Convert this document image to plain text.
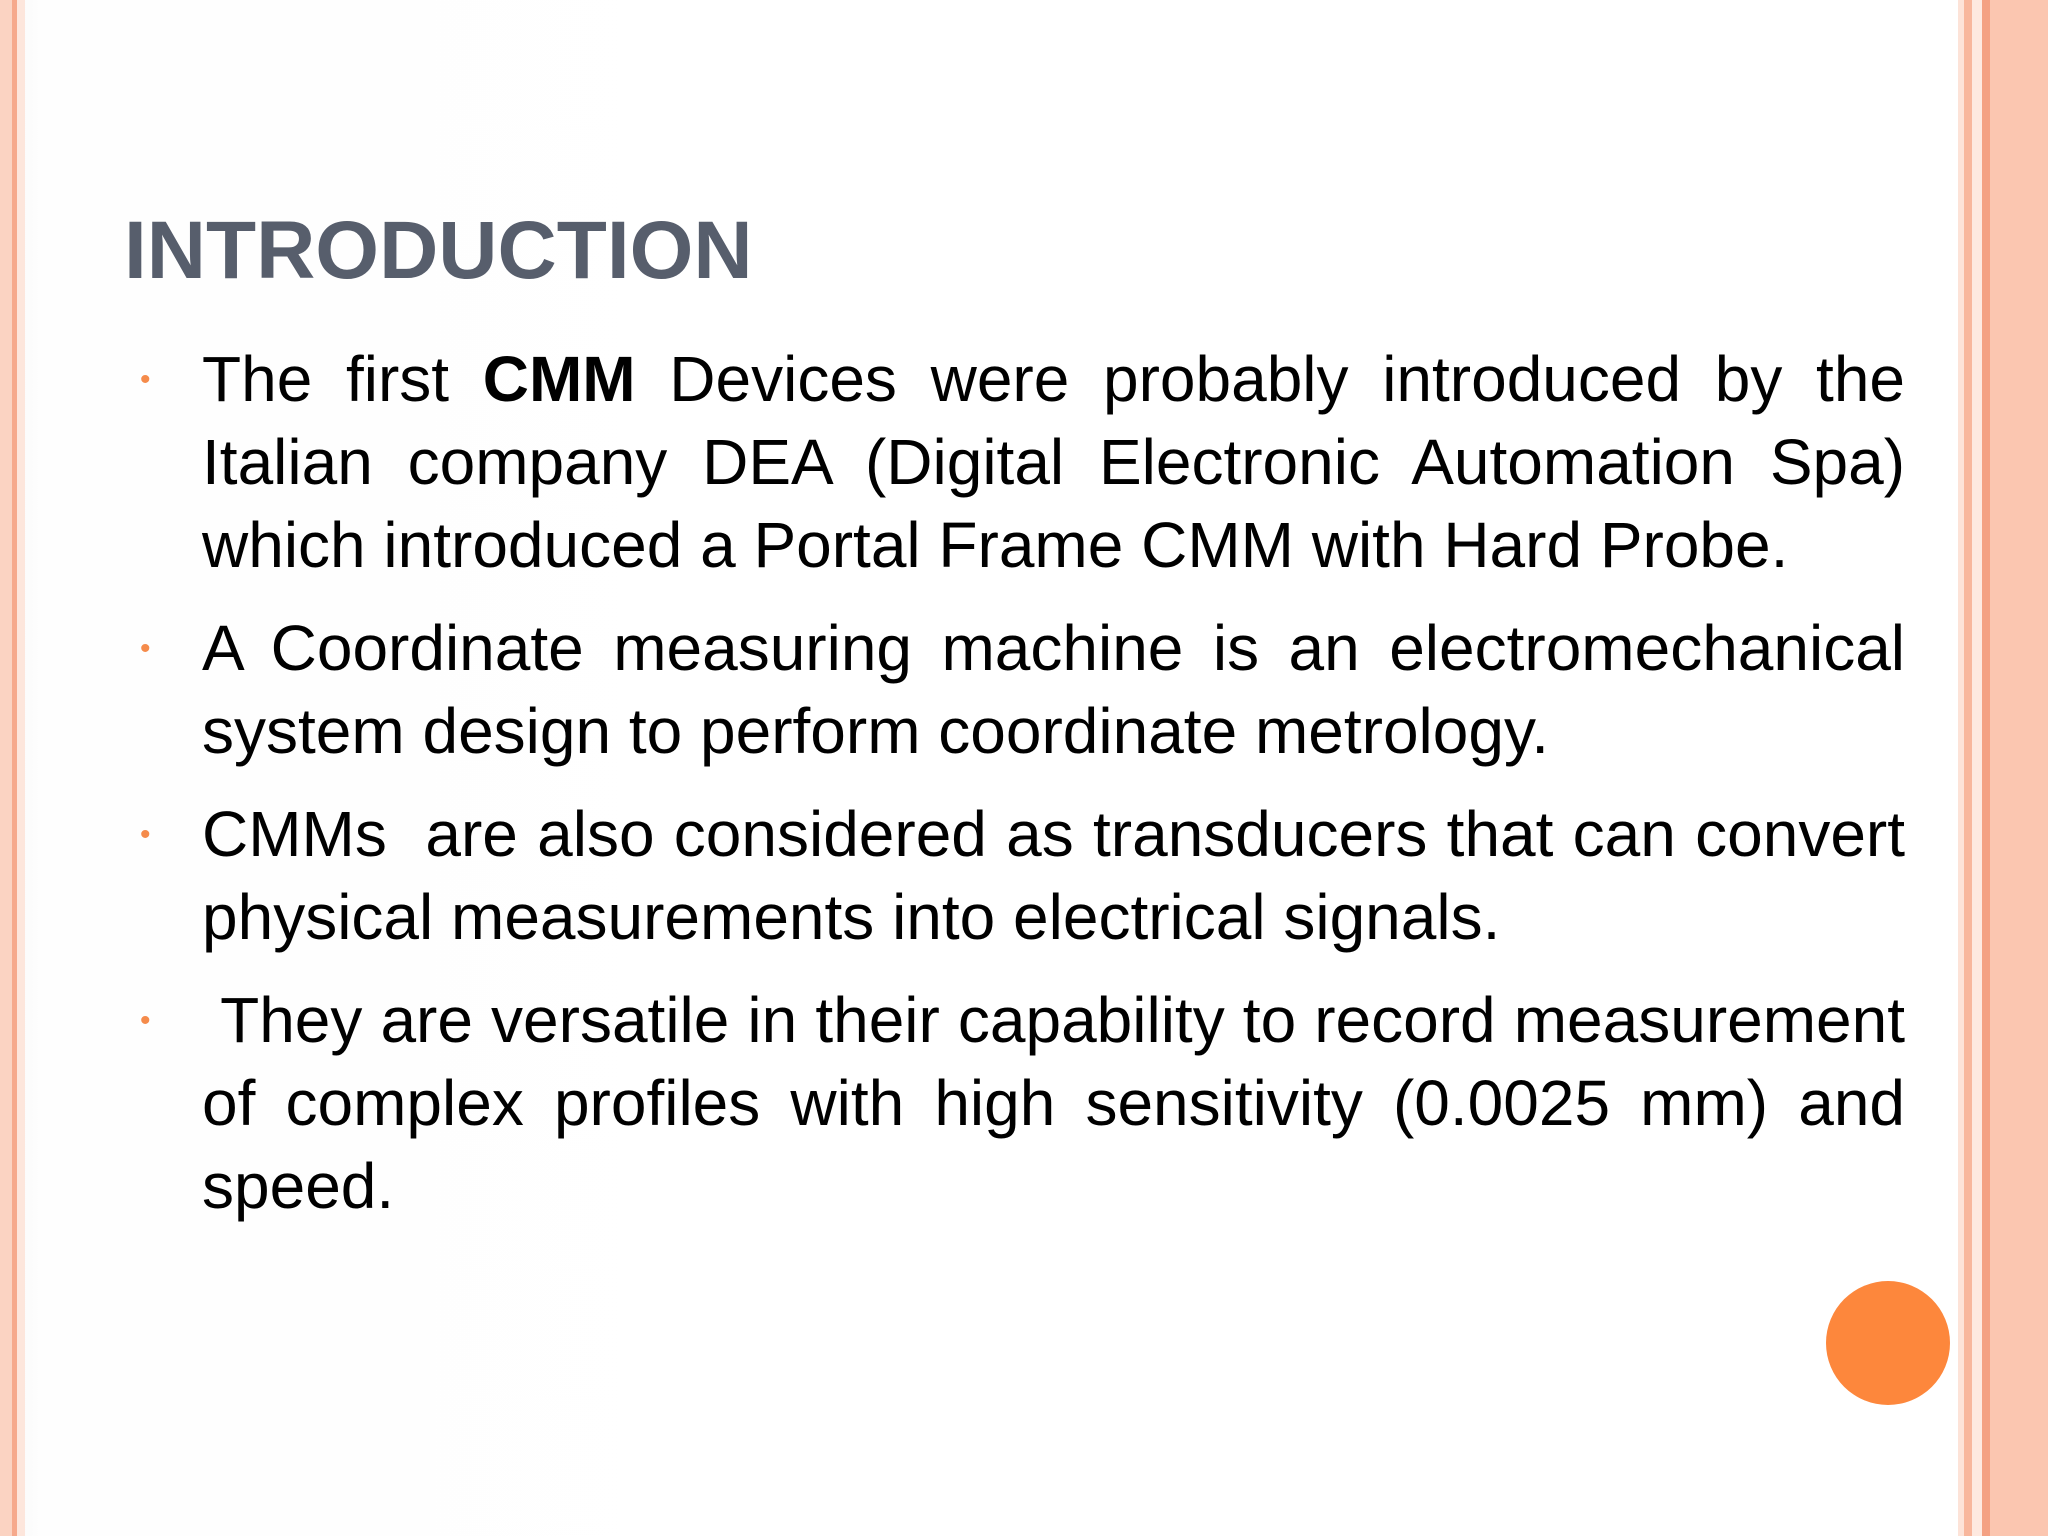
INTRODUCTION
• The first CMM Devices were probably introduced by the Italian company DEA (Digital Electronic Automation Spa) which introduced a Portal Frame CMM with Hard Probe.
• A Coordinate measuring machine is an electromechanical system design to perform coordinate metrology.
• CMMs  are also considered as transducers that can convert physical measurements into electrical signals.
• They are versatile in their capability to record measurement of complex profiles with high sensitivity (0.0025 mm) and speed.
